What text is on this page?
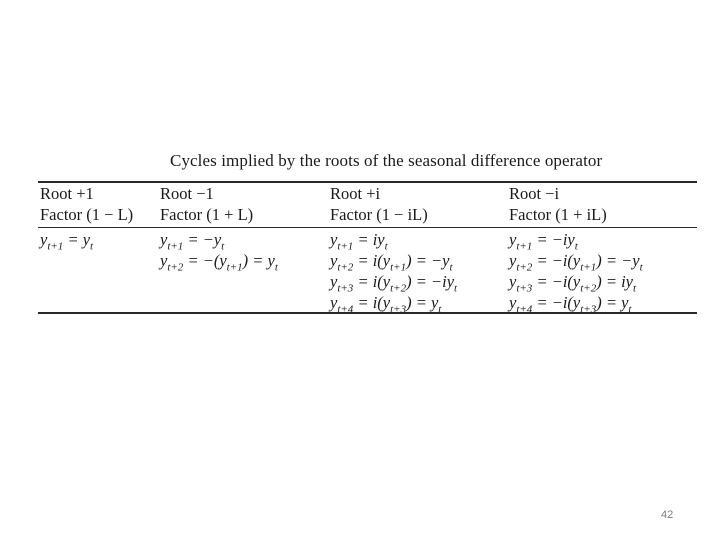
Cycles implied by the roots of the seasonal difference operator
Root +1
Factor (1 − L)
$y_{t+1} = y_t$
Root −1
Factor (1 + L)
$y_{t+1} = -y_t$
$y_{t+2} = -(y_{t+1}) = y_t$
Root +i
Factor (1 − iL)
$y_{t+1} = iy_t$
$y_{t+2} = i(y_{t+1}) = -y_t$
$y_{t+3} = i(y_{t+2}) = -iy_t$
$y_{t+4} = i(y_{t+3}) = y_t$
Root −i
Factor (1 + iL)
$y_{t+1} = -iy_t$
$y_{t+2} = -i(y_{t+1}) = -y_t$
$y_{t+3} = -i(y_{t+2}) = iy_t$
$y_{t+4} = -i(y_{t+3}) = y_t$
42
